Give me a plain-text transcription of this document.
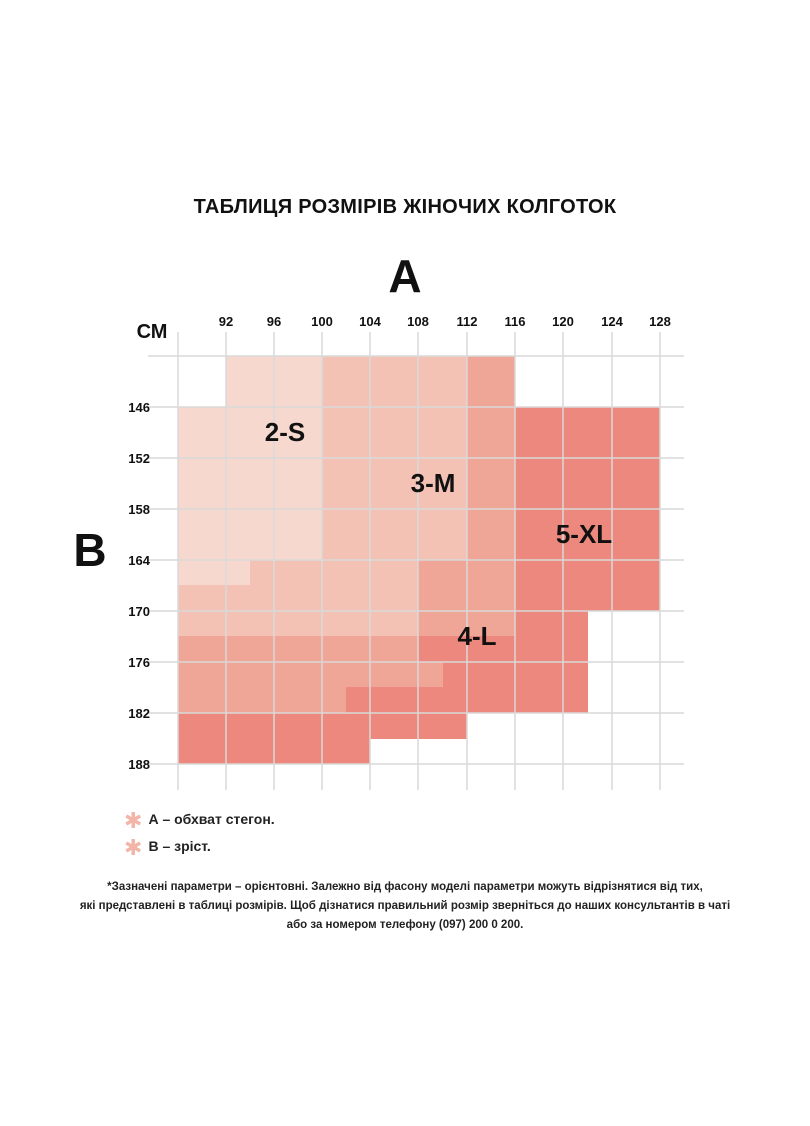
ТАБЛИЦЯ РОЗМІРІВ ЖІНОЧИХ КОЛГОТОК
92	96 100 104 108 112 116 120 124 128
146
152
158
164
170
176
182
188
СМ
A
B
2-S
3-M
4-L
5-XL
✱ А – обхват стегон.
✱ В – зріст.
*Зазначені параметри – орієнтовні. Залежно від фасону моделі параметри можуть відрізнятися від тих,
які представлені в таблиці розмірів. Щоб дізнатися правильний розмір зверніться до наших консультантів в чаті
або за номером телефону (097) 200 0 200.
